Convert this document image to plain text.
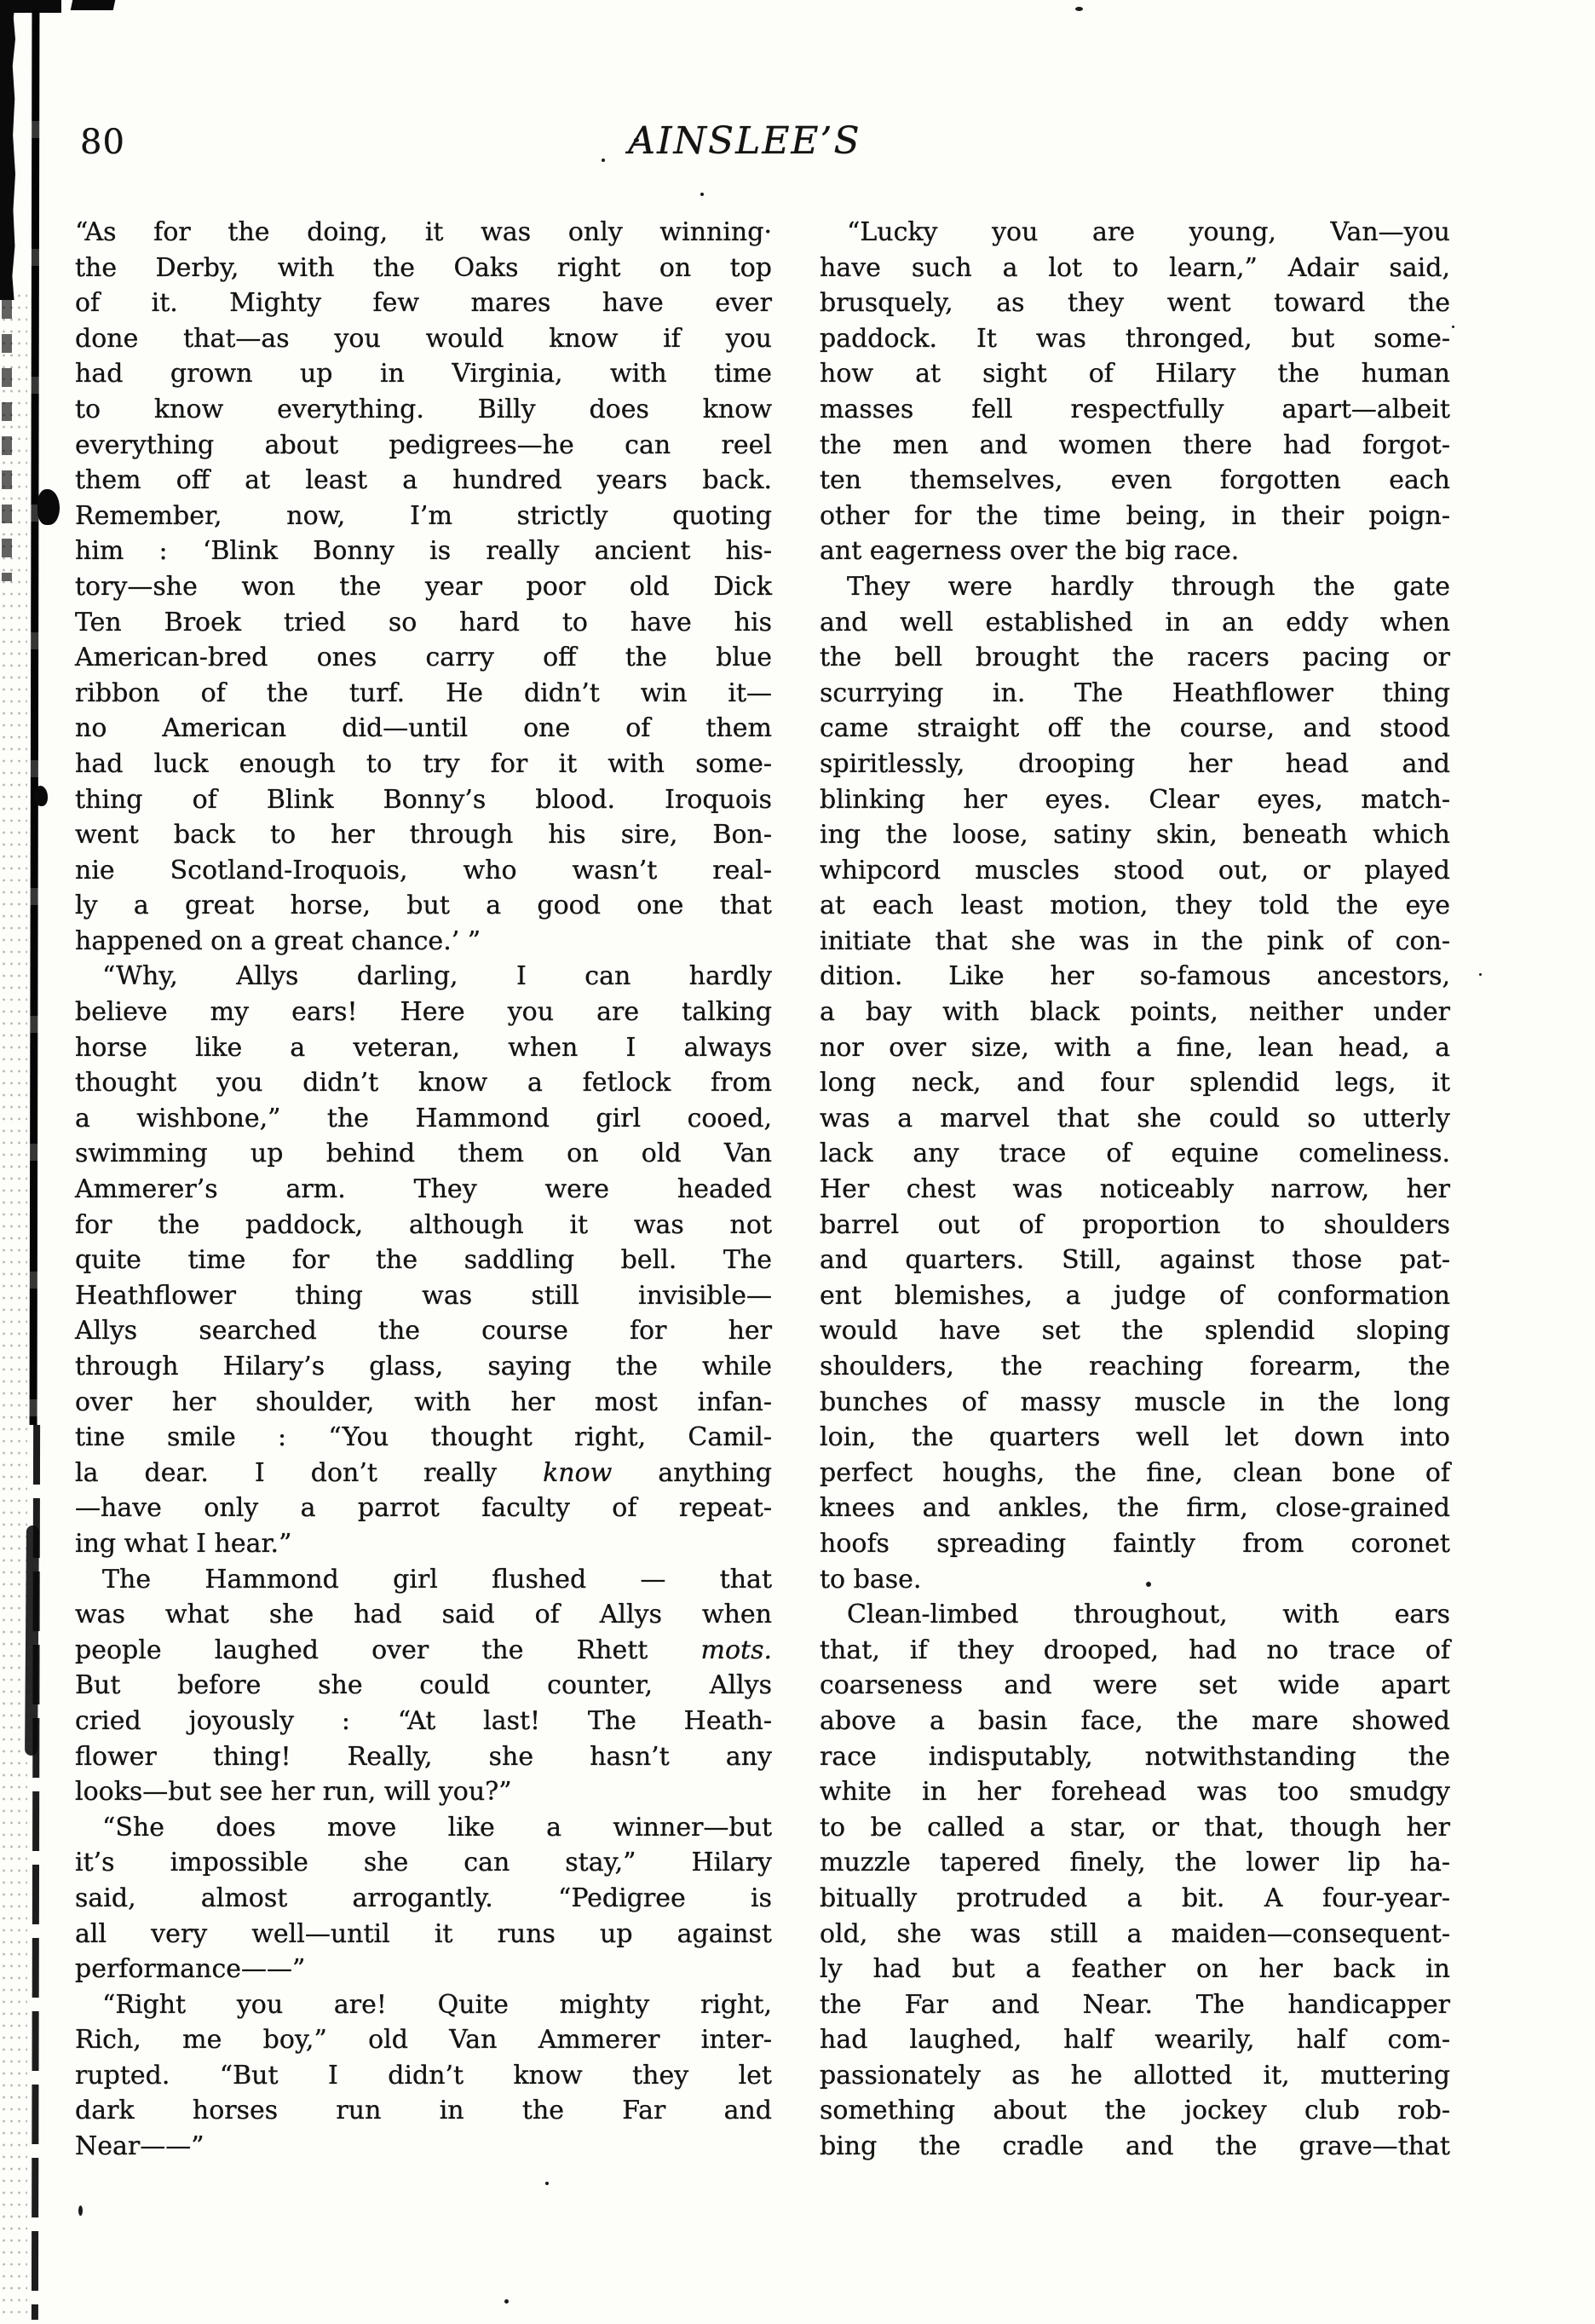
80	AINSLEE’S
“As for the doing, it was only winning·
the Derby, with the Oaks right on top
of it. Mighty few mares have ever
done that—as you would know if you
had grown up in Virginia, with time
to know everything. Billy does know
everything about pedigrees—he can reel
them off at least a hundred years back.
Remember, now, I’m strictly quoting
him : ‘Blink Bonny is really ancient his-
tory—she won the year poor old Dick
Ten Broek tried so hard to have his
American-bred ones carry off the blue
ribbon of the turf. He didn’t win it—
no American did—until one of them
had luck enough to try for it with some-
thing of Blink Bonny’s blood. Iroquois
went back to her through his sire, Bon-
nie Scotland-Iroquois, who wasn’t real-
ly a great horse, but a good one that
happened on a great chance.’ ”
“Why, Allys darling, I can hardly
believe my ears! Here you are talking
horse like a veteran, when I always
thought you didn’t know a fetlock from
a wishbone,” the Hammond girl cooed,
swimming up behind them on old Van
Ammerer’s arm. They were headed
for the paddock, although it was not
quite time for the saddling bell. The
Heathflower thing was still invisible—
Allys searched the course for her
through Hilary’s glass, saying the while
over her shoulder, with her most infan-
tine smile : “You thought right, Camil-
la dear. I don’t really know anything
—have only a parrot faculty of repeat-
ing what I hear.”
The Hammond girl flushed — that
was what she had said of Allys when
people laughed over the Rhett mots.
But before she could counter, Allys
cried joyously : “At last! The Heath-
flower thing! Really, she hasn’t any
looks—but see her run, will you?”
“She does move like a winner—but
it’s impossible she can stay,” Hilary
said, almost arrogantly. “Pedigree is
all very well—until it runs up against
performance——”
“Right you are! Quite mighty right,
Rich, me boy,” old Van Ammerer inter-
rupted. “But I didn’t know they let
dark horses run in the Far and
Near——”
“Lucky you are young, Van—you
have such a lot to learn,” Adair said,
brusquely, as they went toward the
paddock. It was thronged, but some-
how at sight of Hilary the human
masses fell respectfully apart—albeit
the men and women there had forgot-
ten themselves, even forgotten each
other for the time being, in their poign-
ant eagerness over the big race.
They were hardly through the gate
and well established in an eddy when
the bell brought the racers pacing or
scurrying in. The Heathflower thing
came straight off the course, and stood
spiritlessly, drooping her head and
blinking her eyes. Clear eyes, match-
ing the loose, satiny skin, beneath which
whipcord muscles stood out, or played
at each least motion, they told the eye
initiate that she was in the pink of con-
dition. Like her so-famous ancestors,
a bay with black points, neither under
nor over size, with a fine, lean head, a
long neck, and four splendid legs, it
was a marvel that she could so utterly
lack any trace of equine comeliness.
Her chest was noticeably narrow, her
barrel out of proportion to shoulders
and quarters. Still, against those pat-
ent blemishes, a judge of conformation
would have set the splendid sloping
shoulders, the reaching forearm, the
bunches of massy muscle in the long
loin, the quarters well let down into
perfect houghs, the fine, clean bone of
knees and ankles, the firm, close-grained
hoofs spreading faintly from coronet
to base.
Clean-limbed throughout, with ears
that, if they drooped, had no trace of
coarseness and were set wide apart
above a basin face, the mare showed
race indisputably, notwithstanding the
white in her forehead was too smudgy
to be called a star, or that, though her
muzzle tapered finely, the lower lip ha-
bitually protruded a bit. A four-year-
old, she was still a maiden—consequent-
ly had but a feather on her back in
the Far and Near. The handicapper
had laughed, half wearily, half com-
passionately as he allotted it, muttering
something about the jockey club rob-
bing the cradle and the grave—that
